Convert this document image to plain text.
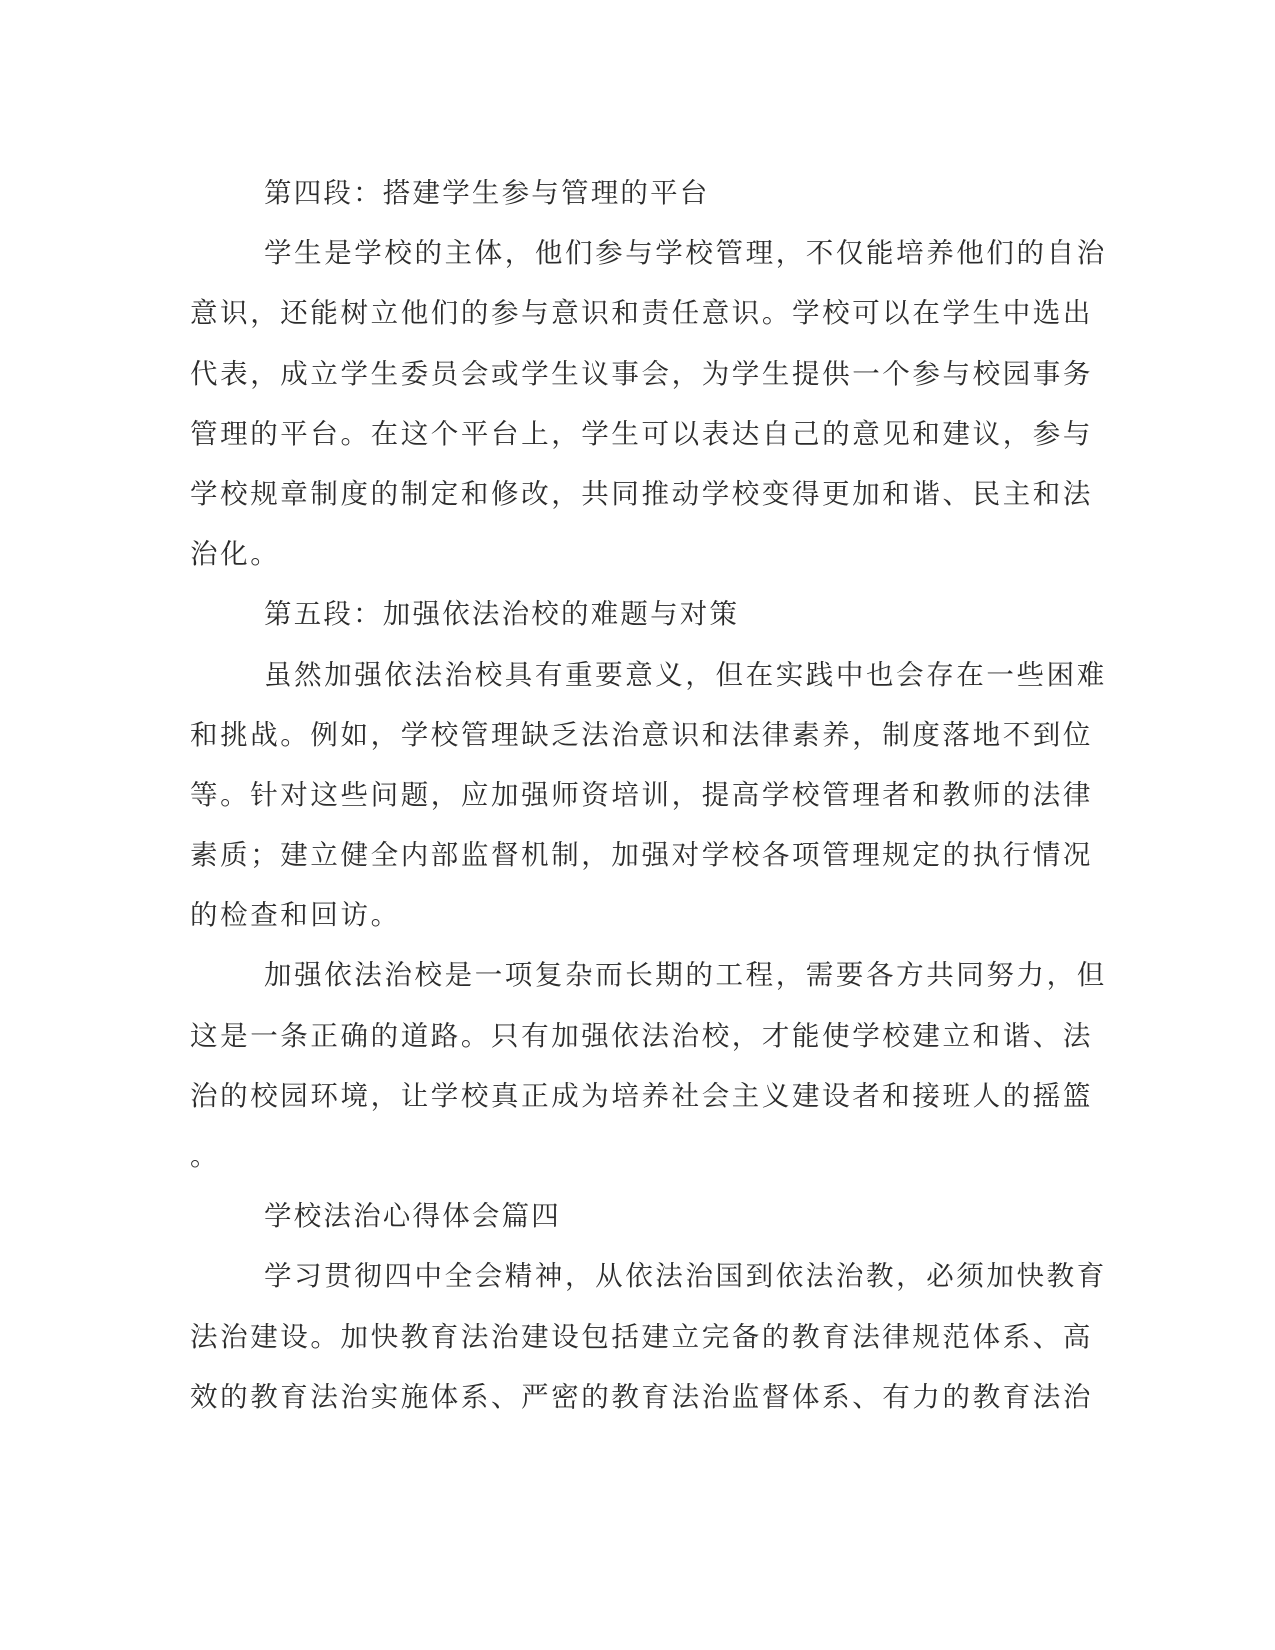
第四段：搭建学生参与管理的平台
学生是学校的主体，他们参与学校管理，不仅能培养他们的自治
意识，还能树立他们的参与意识和责任意识。学校可以在学生中选出
代表，成立学生委员会或学生议事会，为学生提供一个参与校园事务
管理的平台。在这个平台上，学生可以表达自己的意见和建议，参与
学校规章制度的制定和修改，共同推动学校变得更加和谐、民主和法
治化。
第五段：加强依法治校的难题与对策
虽然加强依法治校具有重要意义，但在实践中也会存在一些困难
和挑战。例如，学校管理缺乏法治意识和法律素养，制度落地不到位
等。针对这些问题，应加强师资培训，提高学校管理者和教师的法律
素质；建立健全内部监督机制，加强对学校各项管理规定的执行情况
的检查和回访。
加强依法治校是一项复杂而长期的工程，需要各方共同努力，但
这是一条正确的道路。只有加强依法治校，才能使学校建立和谐、法
治的校园环境，让学校真正成为培养社会主义建设者和接班人的摇篮
。
学校法治心得体会篇四
学习贯彻四中全会精神，从依法治国到依法治教，必须加快教育
法治建设。加快教育法治建设包括建立完备的教育法律规范体系、高
效的教育法治实施体系、严密的教育法治监督体系、有力的教育法治
